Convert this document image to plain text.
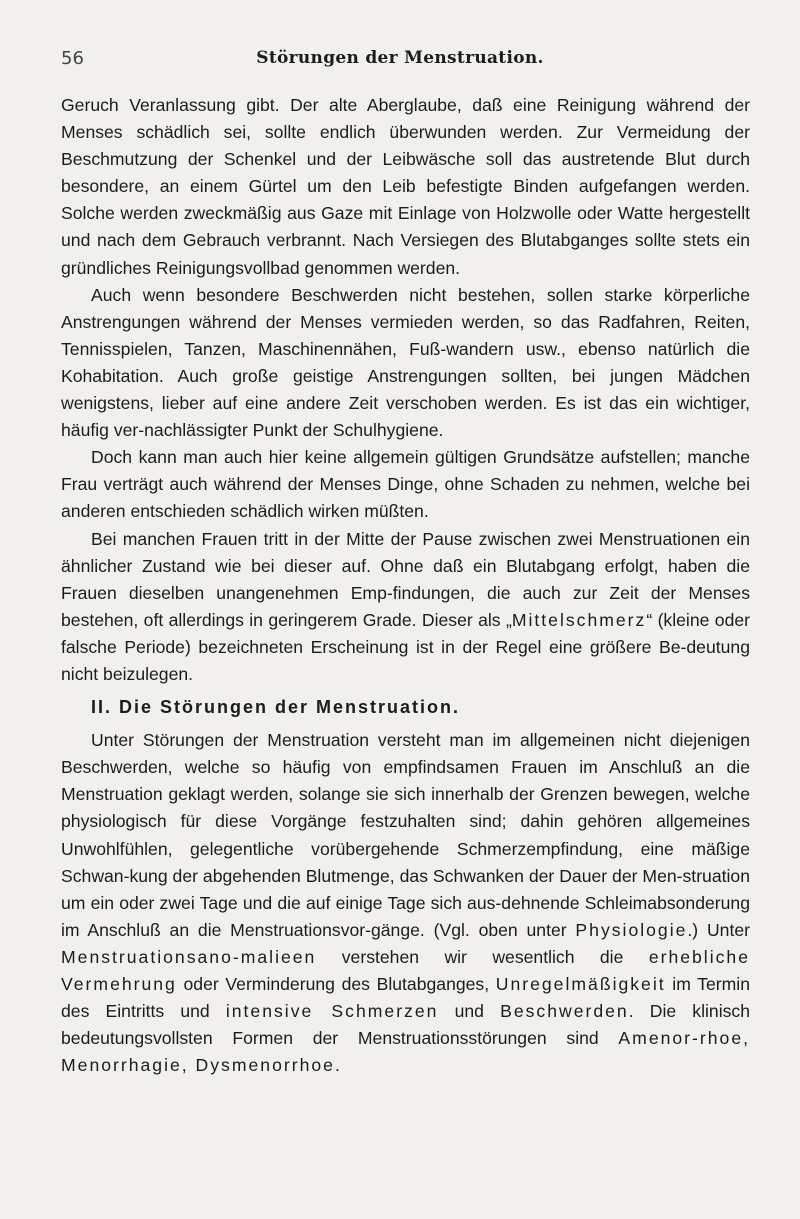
56	Störungen der Menstruation.

Geruch Veranlassung gibt. Der alte Aberglaube, daß eine Reinigung während der Menses schädlich sei, sollte endlich überwunden werden. Zur Vermeidung der Beschmutzung der Schenkel und der Leibwäsche soll das austretende Blut durch besondere, an einem Gürtel um den Leib befestigte Binden aufgefangen werden. Solche werden zweckmäßig aus Gaze mit Einlage von Holzwolle oder Watte hergestellt und nach dem Gebrauch verbrannt. Nach Versiegen des Blutabganges sollte stets ein gründliches Reinigungsvollbad genommen werden.

Auch wenn besondere Beschwerden nicht bestehen, sollen starke körperliche Anstrengungen während der Menses vermieden werden, so das Radfahren, Reiten, Tennisspielen, Tanzen, Maschinennähen, Fuß-wandern usw., ebenso natürlich die Kohabitation. Auch große geistige Anstrengungen sollten, bei jungen Mädchen wenigstens, lieber auf eine andere Zeit verschoben werden. Es ist das ein wichtiger, häufig ver-nachlässigter Punkt der Schulhygiene.

Doch kann man auch hier keine allgemein gültigen Grundsätze aufstellen; manche Frau verträgt auch während der Menses Dinge, ohne Schaden zu nehmen, welche bei anderen entschieden schädlich wirken müßten.

Bei manchen Frauen tritt in der Mitte der Pause zwischen zwei Menstruationen ein ähnlicher Zustand wie bei dieser auf. Ohne daß ein Blutabgang erfolgt, haben die Frauen dieselben unangenehmen Emp-findungen, die auch zur Zeit der Menses bestehen, oft allerdings in geringerem Grade. Dieser als „Mittelschmerz“ (kleine oder falsche Periode) bezeichneten Erscheinung ist in der Regel eine größere Be-deutung nicht beizulegen.

II. Die Störungen der Menstruation.

Unter Störungen der Menstruation versteht man im allgemeinen nicht diejenigen Beschwerden, welche so häufig von empfindsamen Frauen im Anschluß an die Menstruation geklagt werden, solange sie sich innerhalb der Grenzen bewegen, welche physiologisch für diese Vorgänge festzuhalten sind; dahin gehören allgemeines Unwohlfühlen, gelegentliche vorübergehende Schmerzempfindung, eine mäßige Schwan-kung der abgehenden Blutmenge, das Schwanken der Dauer der Men-struation um ein oder zwei Tage und die auf einige Tage sich aus-dehnende Schleimabsonderung im Anschluß an die Menstruationsvor-gänge. (Vgl. oben unter Physiologie.) Unter Menstruationsano-malieen verstehen wir wesentlich die erhebliche Vermehrung oder Verminderung des Blutabganges, Unregelmäßigkeit im Termin des Eintritts und intensive Schmerzen und Beschwerden. Die klinisch bedeutungsvollsten Formen der Menstruationsstörungen sind Amenor-rhoe, Menorrhagie, Dysmenorrhoe.
